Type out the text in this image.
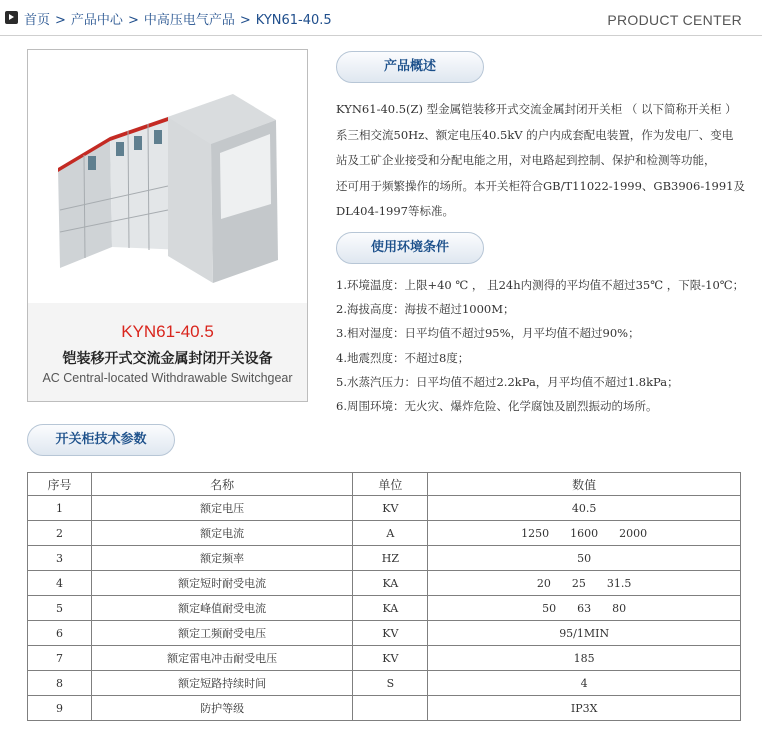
首页 > 产品中心 > 中高压电气产品 > KYN61-40.5	PRODUCT CENTER
KYN61-40.5
铠装移开式交流金属封闭开关设备
AC Central-located Withdrawable Switchgear
产品概述
KYN61-40.5(Z) 型金属铠装移开式交流金属封闭开关柜 （ 以下简称开关柜 ）
系三相交流50Hz、额定电压40.5kV 的户内成套配电装置，作为发电厂、变电
站及工矿企业接受和分配电能之用，对电路起到控制、保护和检测等功能，
还可用于频繁操作的场所。本开关柜符合GB/T11022-1999、GB3906-1991及
DL404-1997等标准。
使用环境条件
1.环境温度：上限+40 ℃ ， 且24h内测得的平均值不超过35℃ ，下限-10℃；
2.海拔高度：海拔不超过1000M；
3.相对湿度：日平均值不超过95%，月平均值不超过90%；
4.地震烈度：不超过8度；
5.水蒸汽压力：日平均值不超过2.2kPa，月平均值不超过1.8kPa；
6.周围环境：无火灾、爆炸危险、化学腐蚀及剧烈振动的场所。
开关柜技术参数
序号	名称	单位	数值
1	额定电压	KV	40.5
2	额定电流	A	1250      1600      2000
3	额定频率	HZ	50
4	额定短时耐受电流	KA	20      25      31.5
5	额定峰值耐受电流	KA	50      63      80
6	额定工频耐受电压	KV	95/1MIN
7	额定雷电冲击耐受电压	KV	185
8	额定短路持续时间	S	4
9	防护等级		IP3X
